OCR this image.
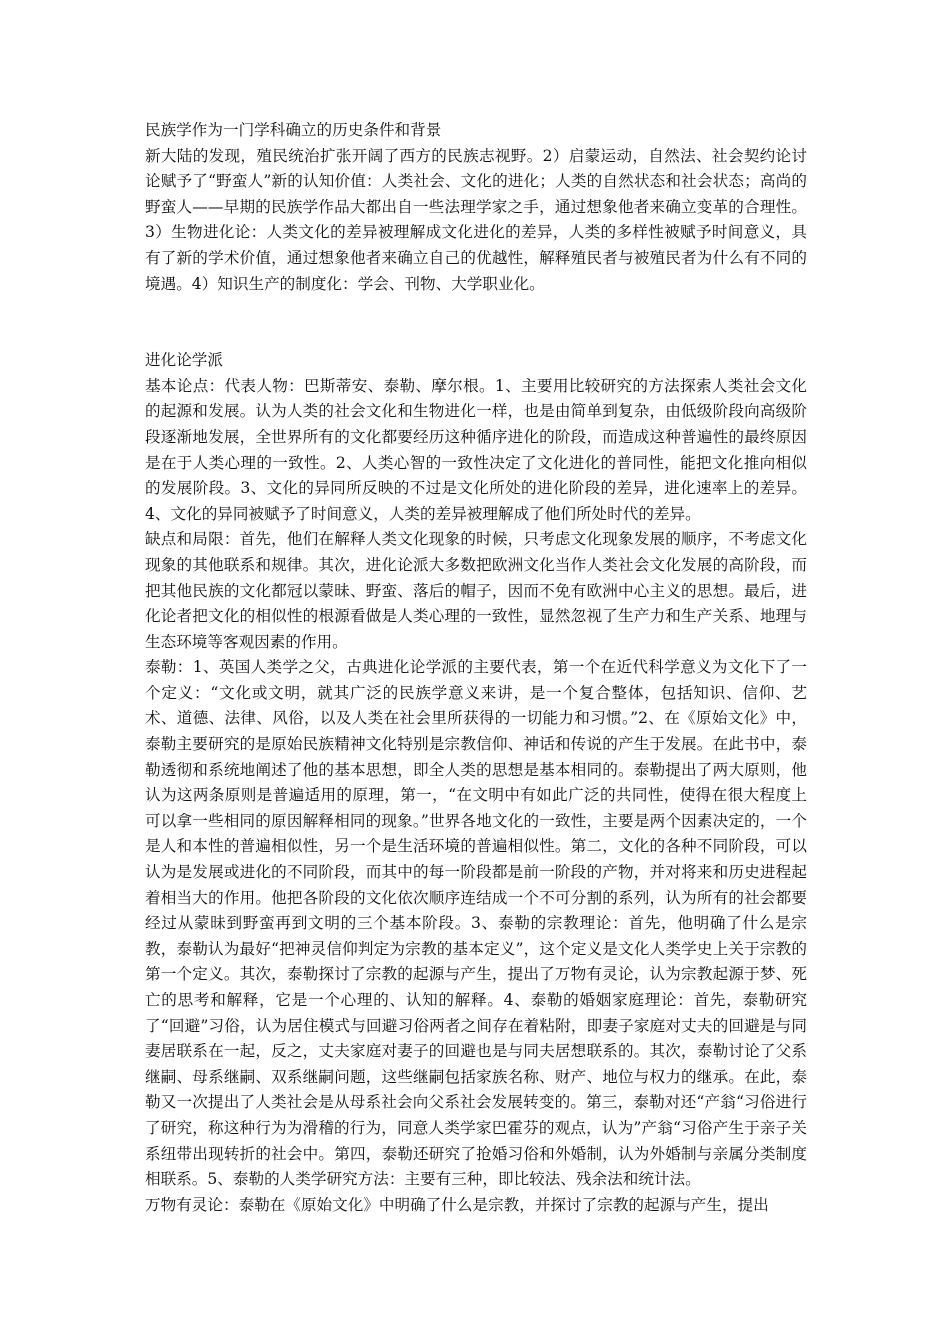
民族学作为一门学科确立的历史条件和背景

新大陆的发现，殖民统治扩张开阔了西方的民族志视野。2）启蒙运动，自然法、社会契约论讨论赋予了“野蛮人”新的认知价值：人类社会、文化的进化；人类的自然状态和社会状态；高尚的野蛮人——早期的民族学作品大都出自一些法理学家之手，通过想象他者来确立变革的合理性。3）生物进化论：人类文化的差异被理解成文化进化的差异，人类的多样性被赋予时间意义，具有了新的学术价值，通过想象他者来确立自己的优越性，解释殖民者与被殖民者为什么有不同的境遇。4）知识生产的制度化：学会、刊物、大学职业化。

进化论学派

基本论点：代表人物：巴斯蒂安、泰勒、摩尔根。1、主要用比较研究的方法探索人类社会文化的起源和发展。认为人类的社会文化和生物进化一样，也是由简单到复杂，由低级阶段向高级阶段逐渐地发展，全世界所有的文化都要经历这种循序进化的阶段，而造成这种普遍性的最终原因是在于人类心理的一致性。2、人类心智的一致性决定了文化进化的普同性，能把文化推向相似的发展阶段。3、文化的异同所反映的不过是文化所处的进化阶段的差异，进化速率上的差异。4、文化的异同被赋予了时间意义，人类的差异被理解成了他们所处时代的差异。

缺点和局限：首先，他们在解释人类文化现象的时候，只考虑文化现象发展的顺序，不考虑文化现象的其他联系和规律。其次，进化论派大多数把欧洲文化当作人类社会文化发展的高阶段，而把其他民族的文化都冠以蒙昧、野蛮、落后的帽子，因而不免有欧洲中心主义的思想。最后，进化论者把文化的相似性的根源看做是人类心理的一致性，显然忽视了生产力和生产关系、地理与生态环境等客观因素的作用。

泰勒：1、英国人类学之父，古典进化论学派的主要代表，第一个在近代科学意义为文化下了一个定义：“文化或文明，就其广泛的民族学意义来讲，是一个复合整体，包括知识、信仰、艺术、道德、法律、风俗，以及人类在社会里所获得的一切能力和习惯。”2、在《原始文化》中，泰勒主要研究的是原始民族精神文化特别是宗教信仰、神话和传说的产生于发展。在此书中，泰勒透彻和系统地阐述了他的基本思想，即全人类的思想是基本相同的。泰勒提出了两大原则，他认为这两条原则是普遍适用的原理，第一，“在文明中有如此广泛的共同性，使得在很大程度上可以拿一些相同的原因解释相同的现象。”世界各地文化的一致性，主要是两个因素决定的，一个是人和本性的普遍相似性，另一个是生活环境的普遍相似性。第二，文化的各种不同阶段，可以认为是发展或进化的不同阶段，而其中的每一阶段都是前一阶段的产物，并对将来和历史进程起着相当大的作用。他把各阶段的文化依次顺序连结成一个不可分割的系列，认为所有的社会都要经过从蒙昧到野蛮再到文明的三个基本阶段。3、泰勒的宗教理论：首先，他明确了什么是宗教，泰勒认为最好“把神灵信仰判定为宗教的基本定义”，这个定义是文化人类学史上关于宗教的第一个定义。其次，泰勒探讨了宗教的起源与产生，提出了万物有灵论，认为宗教起源于梦、死亡的思考和解释，它是一个心理的、认知的解释。4、泰勒的婚姻家庭理论：首先，泰勒研究了“回避”习俗，认为居住模式与回避习俗两者之间存在着粘附，即妻子家庭对丈夫的回避是与同妻居联系在一起，反之，丈夫家庭对妻子的回避也是与同夫居想联系的。其次，泰勒讨论了父系继嗣、母系继嗣、双系继嗣问题，这些继嗣包括家族名称、财产、地位与权力的继承。在此，泰勒又一次提出了人类社会是从母系社会向父系社会发展转变的。第三，泰勒对还“产翁“习俗进行了研究，称这种行为为滑稽的行为，同意人类学家巴霍芬的观点，认为”产翁“习俗产生于亲子关系纽带出现转折的社会中。第四，泰勒还研究了抢婚习俗和外婚制，认为外婚制与亲属分类制度相联系。5、泰勒的人类学研究方法：主要有三种，即比较法、残余法和统计法。

万物有灵论：泰勒在《原始文化》中明确了什么是宗教，并探讨了宗教的起源与产生，提出
